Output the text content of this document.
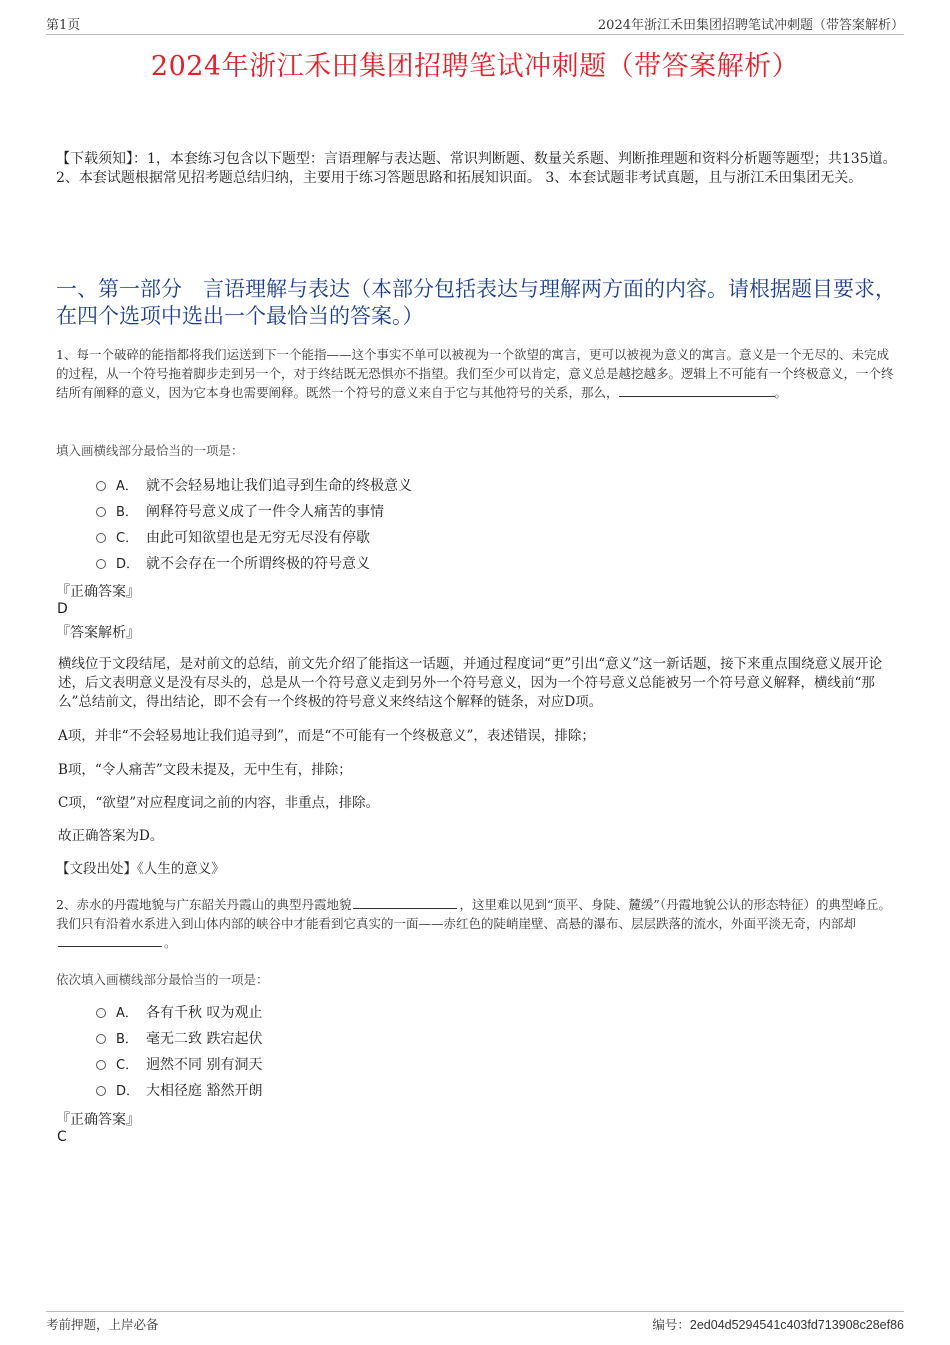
第1页	2024年浙江禾田集团招聘笔试冲刺题（带答案解析）
2024年浙江禾田集团招聘笔试冲刺题（带答案解析）
【下载须知】：1，本套练习包含以下题型：言语理解与表达题、常识判断题、数量关系题、判断推理题和资料分析题等题型；共135道。 2、本套试题根据常见招考题总结归纳，主要用于练习答题思路和拓展知识面。 3、本套试题非考试真题，且与浙江禾田集团无关。
一、第一部分　言语理解与表达（本部分包括表达与理解两方面的内容。请根据题目要求，在四个选项中选出一个最恰当的答案。）
1、每一个破碎的能指都将我们运送到下一个能指——这个事实不单可以被视为一个欲望的寓言，更可以被视为意义的寓言。意义是一个无尽的、未完成的过程，从一个符号拖着脚步走到另一个，对于终结既无恐惧亦不指望。我们至少可以肯定，意义总是越挖越多。逻辑上不可能有一个终极意义，一个终结所有阐释的意义，因为它本身也需要阐释。既然一个符号的意义来自于它与其他符号的关系，那么，	。
填入画横线部分最恰当的一项是：
A． 就不会轻易地让我们追寻到生命的终极意义
B． 阐释符号意义成了一件令人痛苦的事情
C． 由此可知欲望也是无穷无尽没有停歇
D． 就不会存在一个所谓终极的符号意义
『正确答案』
D
『答案解析』
横线位于文段结尾，是对前文的总结，前文先介绍了能指这一话题，并通过程度词“更”引出“意义”这一新话题，接下来重点围绕意义展开论述，后文表明意义是没有尽头的，总是从一个符号意义走到另外一个符号意义，因为一个符号意义总能被另一个符号意义解释，横线前“那么”总结前文，得出结论，即不会有一个终极的符号意义来终结这个解释的链条，对应D项。
A项，并非“不会轻易地让我们追寻到”，而是“不可能有一个终极意义”，表述错误，排除；
B项，“令人痛苦”文段未提及，无中生有，排除；
C项，“欲望”对应程度词之前的内容，非重点，排除。
故正确答案为D。
【文段出处】《人生的意义》
2、赤水的丹霞地貌与广东韶关丹霞山的典型丹霞地貌	，这里难以见到“顶平、身陡、麓缓”（丹霞地貌公认的形态特征）的典型峰丘。我们只有沿着水系进入到山体内部的峡谷中才能看到它真实的一面——赤红色的陡峭崖壁、高悬的瀑布、层层跌落的流水，外面平淡无奇，内部却。
依次填入画横线部分最恰当的一项是：
A． 各有千秋 叹为观止
B． 毫无二致 跌宕起伏
C． 迥然不同 别有洞天
D． 大相径庭 豁然开朗
『正确答案』
C
考前押题，上岸必备	编号：2ed04d5294541c403fd713908c28ef86
